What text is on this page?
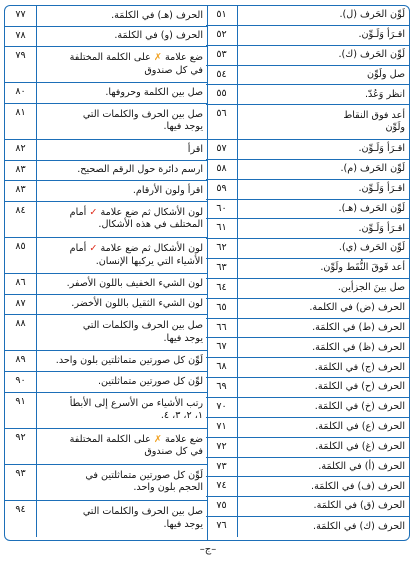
لَوِّن الحَرف (ل).
٥١
اقـرَأ وَلَـوِّن.
٥٢
لَوِّن الحَرف (ك).
٥٣
صل ولَوِّن
٥٤
انظر وَعُدّ.
٥٥
أعد فوق النقاط
ولَوِّن
٥٦
اقـرَأ وَلَـوِّن.
٥٧
لَوِّن الحَرف (م).
٥٨
اقـرَأ وَلَـوِّن.
٥٩
لَوِّن الحَرف (هـ).
٦٠
اقـرَأ وَلَـوِّن.
٦١
لَوِّن الحَرف (ي).
٦٢
أعد فَوقَ النُّقَط ولَوِّن.
٦٣
صل بينَ الجزأين.
٦٤
الحرف (ض) في الكلمة.
٦٥
الحرف (ط) في الكلمَة.
٦٦
الحرف (ظ) في الكلمَة.
٦٧
الحرف (ج) في الكلمَة.
٦٨
الحرف (ح) في الكلمَة.
٦٩
الحرف (خ) في الكلمَة.
٧٠
الحرف (ع) في الكلمَة.
٧١
الحرف (غ) في الكلمَة.
٧٢
الحرف (أ) في الكلمَة.
٧٣
الحرف (ف) في الكلمَة.
٧٤
الحرف (ق) في الكلمَة.
٧٥
الحرف (ك) في الكلمَة.
٧٦
الحرف (هـ) في الكلمَة.
٧٧
الحرف (و) في الكلمَة.
٧٨
ضع علامة ✗ على الكلمة المختلفة
في كل صندوق
٧٩
صل بين الكلمة وحروفها.
٨٠
صل بين الحرف والكلمات التي
يوجد فيها.
٨١
اقرأ
٨٢
ارسم دائرة حول الرقم الصحيح.
٨٣
اقرأ ولون الأرقام.
٨٣
لون الأشكال ثم ضع علامة ✓ أمام
المختلف في هذه الأشكال.
٨٤
لون الأشكال ثم ضع علامة ✓ أمام
الأشياء التي يركبها الإنسان.
٨٥
لون الشيء الخفيف باللون الأصفر.
٨٦
لون الشيء الثقيل باللون الأخضر.
٨٧
صل بين الحرف والكلمات التي
يوجد فيها.
٨٨
لَوِّن كل صورتين متماثلتين بلون واحد.
٨٩
لوِّن كل صورتين متماثلتين.
٩٠
رتب الأشياء من الأسرع إلى الأبطأ
١، ٢، ٣، ٤.
٩١
ضع علامة ✗ على الكلمة المختلفة
في كل صندوق
٩٢
لَوِّن كل صورتين متماثلتين في
الحجم بلون واحد.
٩٣
صل بين الحرف والكلمات التي
يوجد فيها.
٩٤
–ج–
